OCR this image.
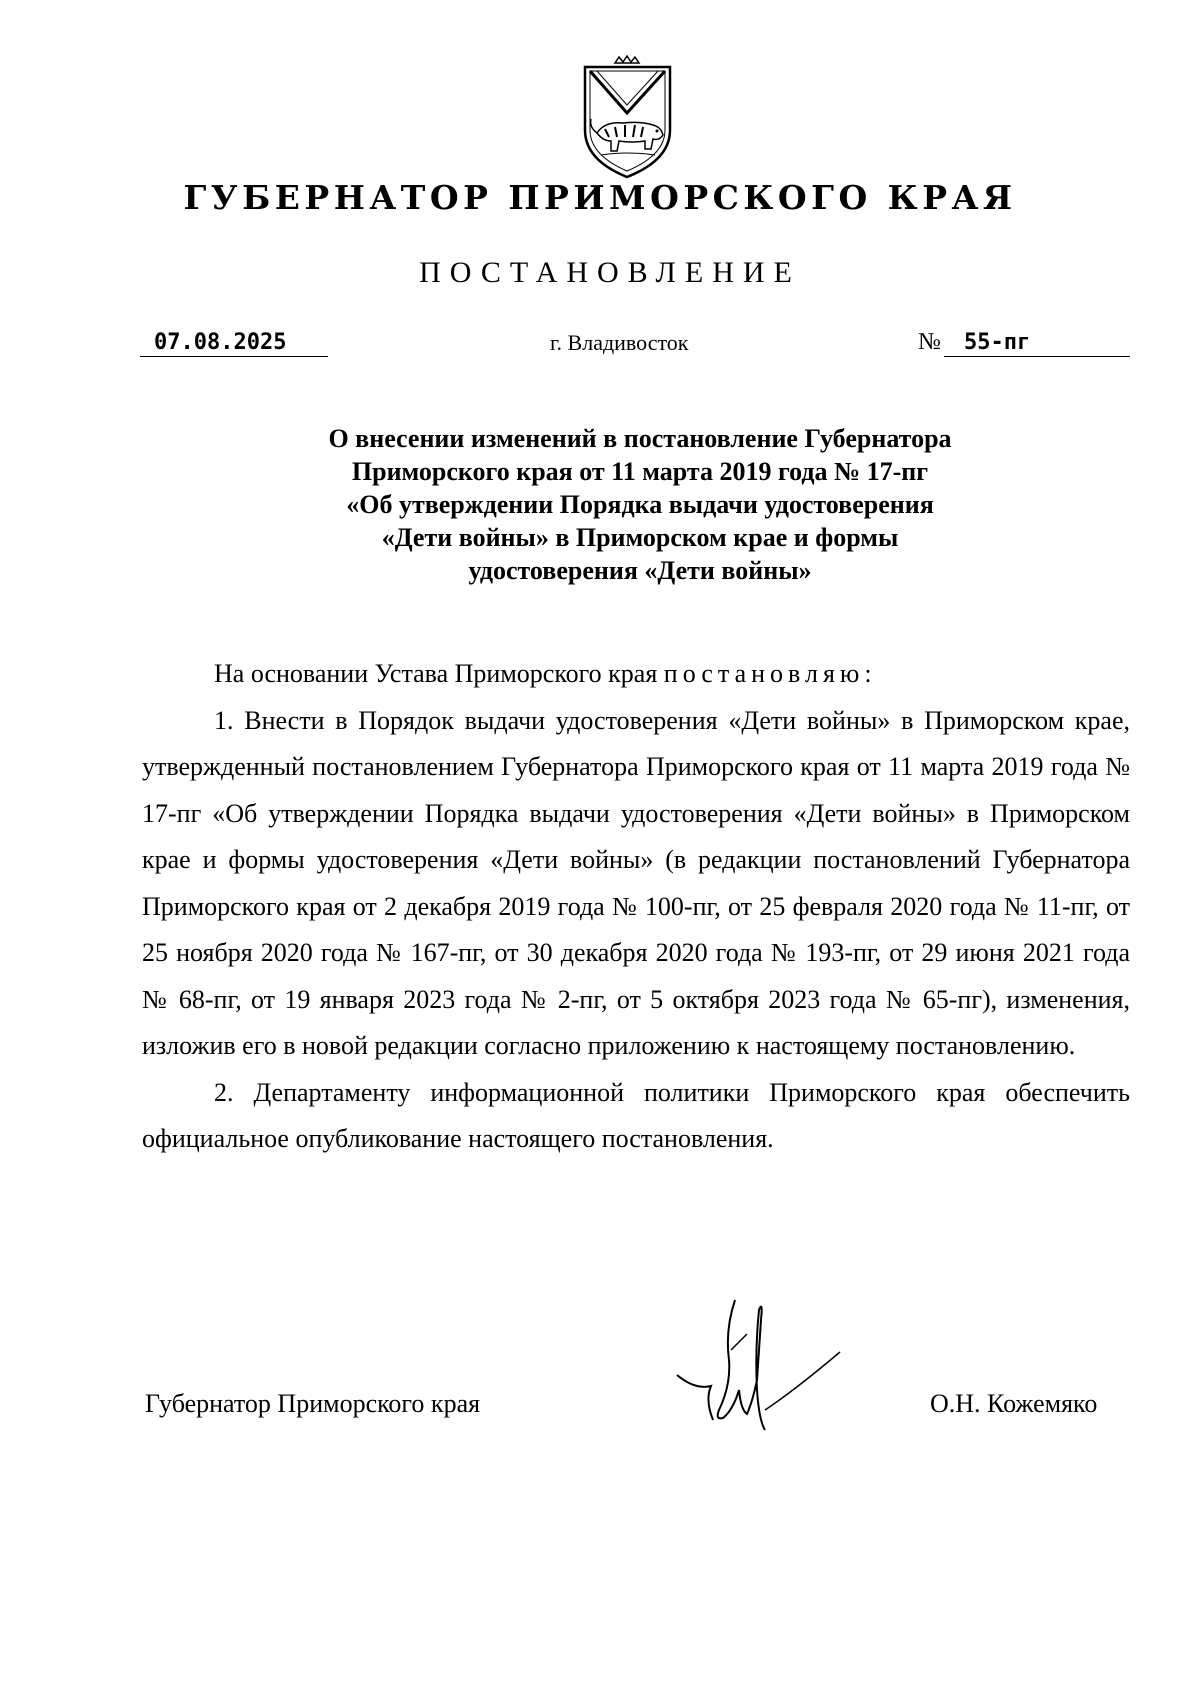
ГУБЕРНАТОР ПРИМОРСКОГО КРАЯ
ПОСТАНОВЛЕНИЕ
07.08.2025	г. Владивосток	№	55-пг
О внесении изменений в постановление Губернатора
Приморского края от 11 марта 2019 года № 17-пг
«Об утверждении Порядка выдачи удостоверения
«Дети войны» в Приморском крае и формы
удостоверения «Дети войны»

На основании Устава Приморского края постановляю:

1. Внести в Порядок выдачи удостоверения «Дети войны» в Приморском крае, утвержденный постановлением Губернатора Приморского края от 11 марта 2019 года № 17-пг «Об утверждении Порядка выдачи удостоверения «Дети войны» в Приморском крае и формы удостоверения «Дети войны» (в редакции постановлений Губернатора Приморского края от 2 декабря 2019 года № 100-пг, от 25 февраля 2020 года № 11-пг, от 25 ноября 2020 года № 167-пг, от 30 декабря 2020 года № 193-пг, от 29 июня 2021 года № 68-пг, от 19 января 2023 года № 2-пг, от 5 октября 2023 года № 65-пг), изменения, изложив его в новой редакции согласно приложению к настоящему постановлению.

2. Департаменту информационной политики Приморского края обеспечить официальное опубликование настоящего постановления.

Губернатор Приморского края	О.Н. Кожемяко
